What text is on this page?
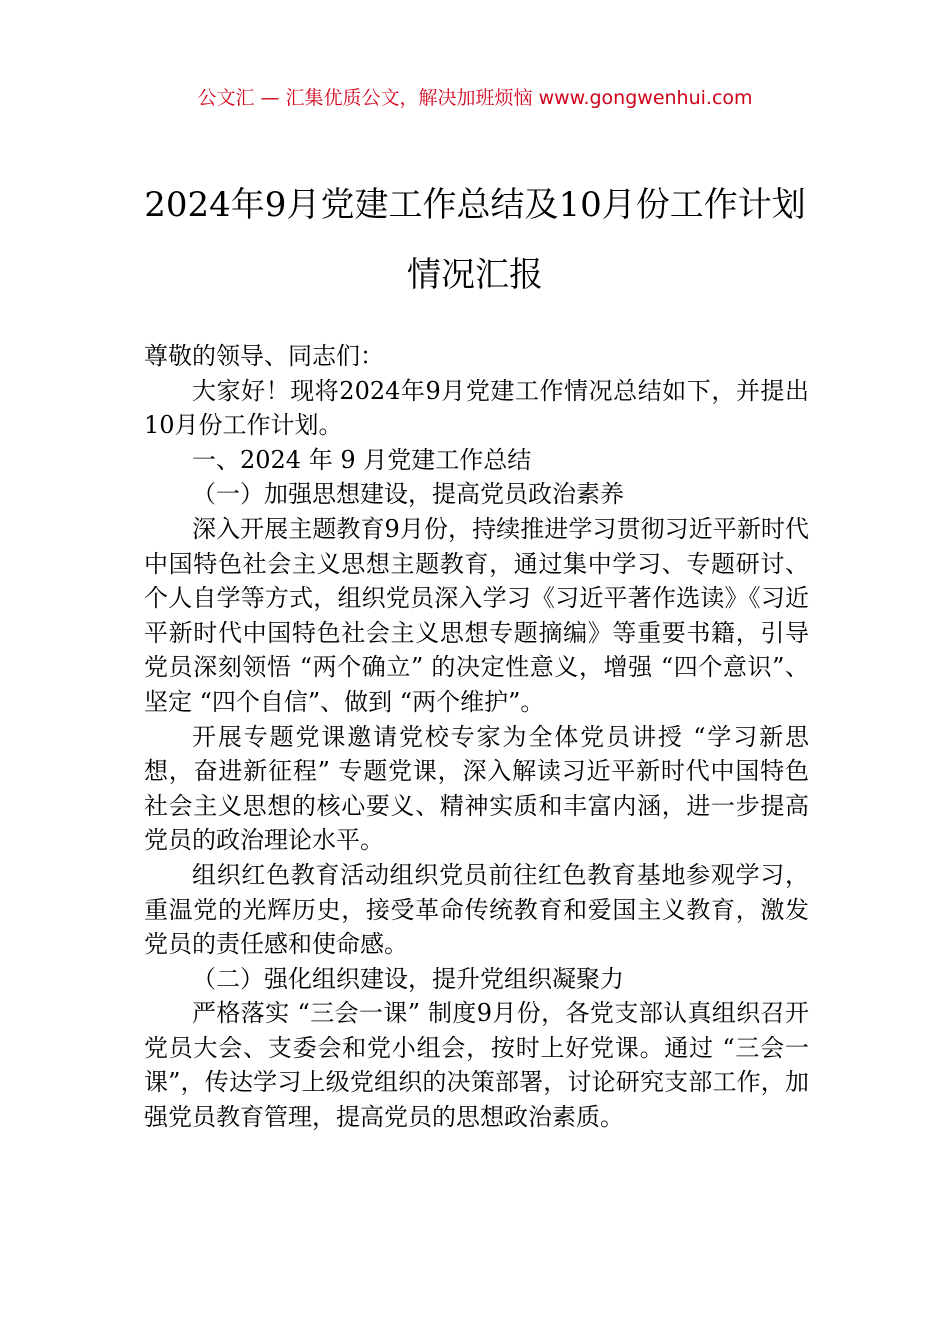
公文汇 — 汇集优质公文，解决加班烦恼 www.gongwenhui.com
2024年9月党建工作总结及10月份工作计划情况汇报

尊敬的领导、同志们：

大家好！现将2024年9月党建工作情况总结如下，并提出10月份工作计划。

一、2024 年 9 月党建工作总结

（一）加强思想建设，提高党员政治素养

深入开展主题教育9月份，持续推进学习贯彻习近平新时代中国特色社会主义思想主题教育，通过集中学习、专题研讨、个人自学等方式，组织党员深入学习《习近平著作选读》《习近平新时代中国特色社会主义思想专题摘编》等重要书籍，引导党员深刻领悟 “两个确立” 的决定性意义，增强 “四个意识”、坚定 “四个自信”、做到 “两个维护”。

开展专题党课邀请党校专家为全体党员讲授 “学习新思想，奋进新征程” 专题党课，深入解读习近平新时代中国特色社会主义思想的核心要义、精神实质和丰富内涵，进一步提高党员的政治理论水平。

组织红色教育活动组织党员前往红色教育基地参观学习，重温党的光辉历史，接受革命传统教育和爱国主义教育，激发党员的责任感和使命感。

（二）强化组织建设，提升党组织凝聚力

严格落实 “三会一课” 制度9月份，各党支部认真组织召开党员大会、支委会和党小组会，按时上好党课。通过 “三会一课”，传达学习上级党组织的决策部署，讨论研究支部工作，加强党员教育管理，提高党员的思想政治素质。
